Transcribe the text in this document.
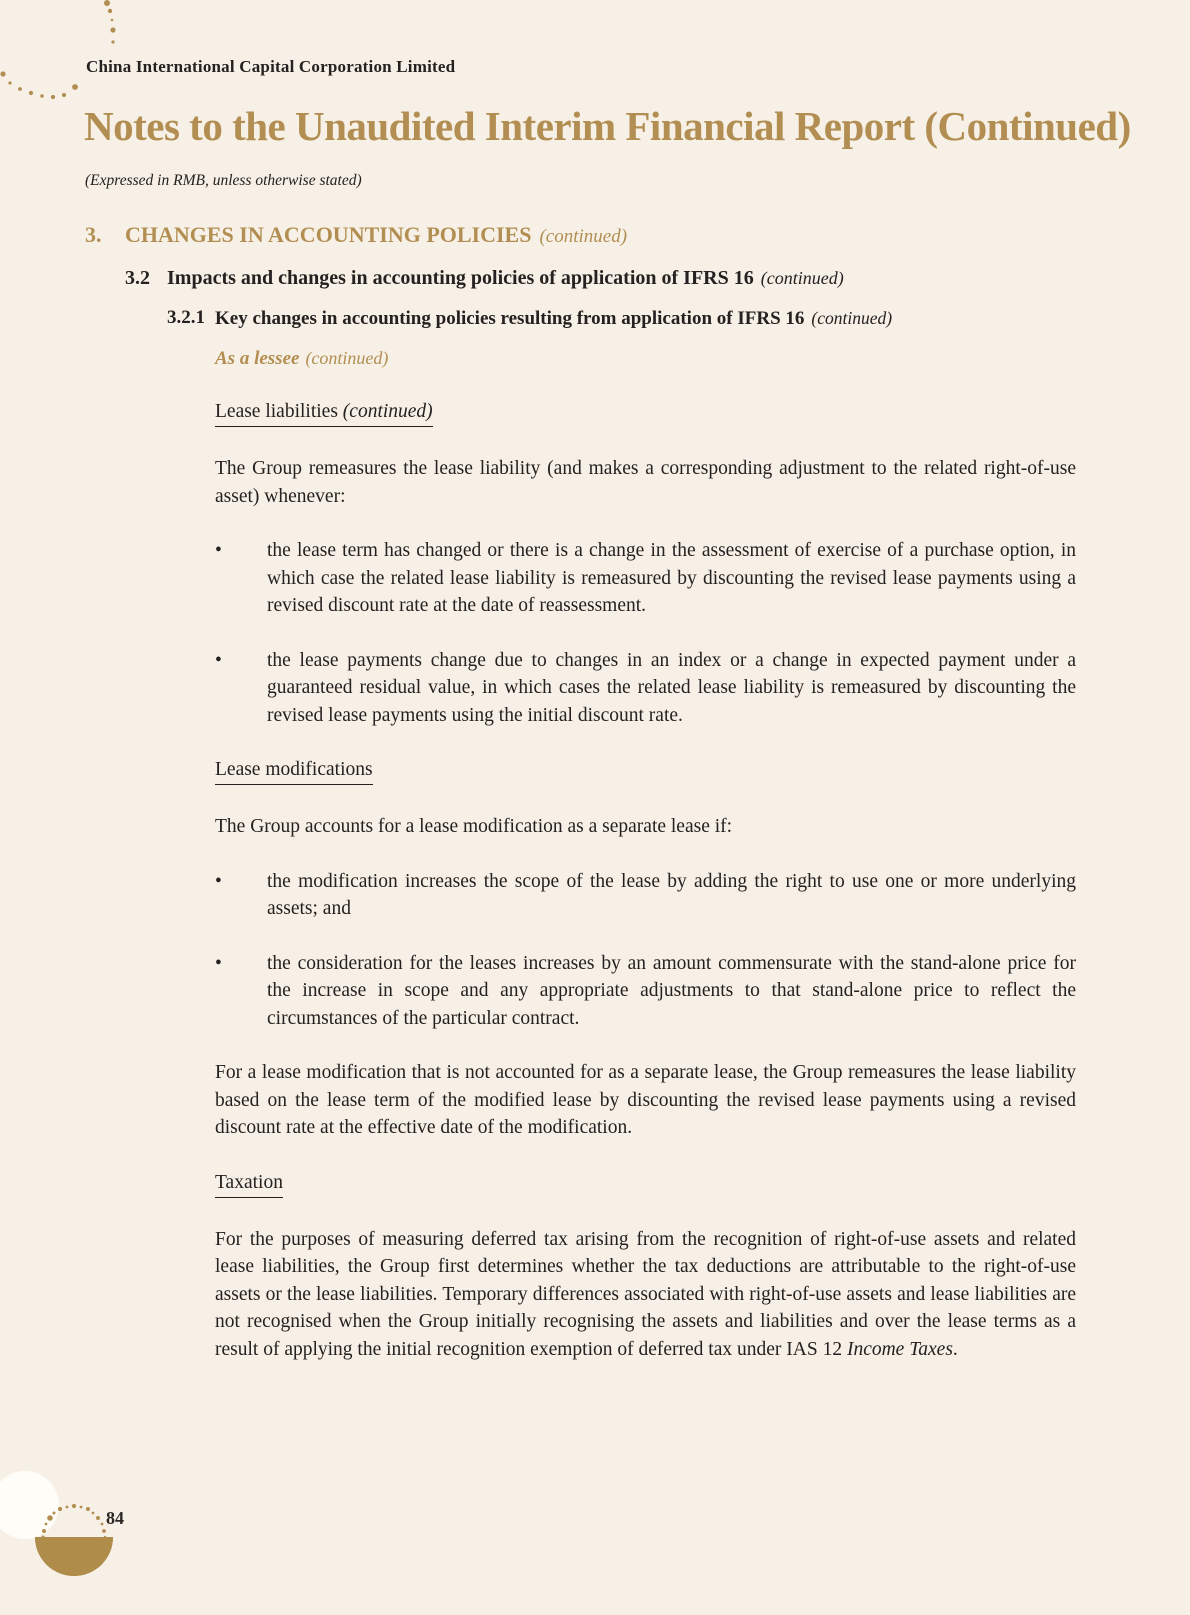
China International Capital Corporation Limited
Notes to the Unaudited Interim Financial Report (Continued)
(Expressed in RMB, unless otherwise stated)
3.	CHANGES IN ACCOUNTING POLICIES (continued)
3.2 Impacts and changes in accounting policies of application of IFRS 16 (continued)
3.2.1 Key changes in accounting policies resulting from application of IFRS 16 (continued)
As a lessee (continued)
Lease liabilities (continued)

The Group remeasures the lease liability (and makes a corresponding adjustment to the related right-of-use asset) whenever:

•
the lease term has changed or there is a change in the assessment of exercise of a purchase option, in which case the related lease liability is remeasured by discounting the revised lease payments using a revised discount rate at the date of reassessment.
•
the lease payments change due to changes in an index or a change in expected payment under a guaranteed residual value, in which cases the related lease liability is remeasured by discounting the revised lease payments using the initial discount rate.
Lease modifications

The Group accounts for a lease modification as a separate lease if:

•
the modification increases the scope of the lease by adding the right to use one or more underlying assets; and
•
the consideration for the leases increases by an amount commensurate with the stand-alone price for the increase in scope and any appropriate adjustments to that stand-alone price to reflect the circumstances of the particular contract.

For a lease modification that is not accounted for as a separate lease, the Group remeasures the lease liability based on the lease term of the modified lease by discounting the revised lease payments using a revised discount rate at the effective date of the modification.

Taxation

For the purposes of measuring deferred tax arising from the recognition of right-of-use assets and related lease liabilities, the Group first determines whether the tax deductions are attributable to the right-of-use assets or the lease liabilities. Temporary differences associated with right-of-use assets and lease liabilities are not recognised when the Group initially recognising the assets and liabilities and over the lease terms as a result of applying the initial recognition exemption of deferred tax under IAS 12 Income Taxes.

84
